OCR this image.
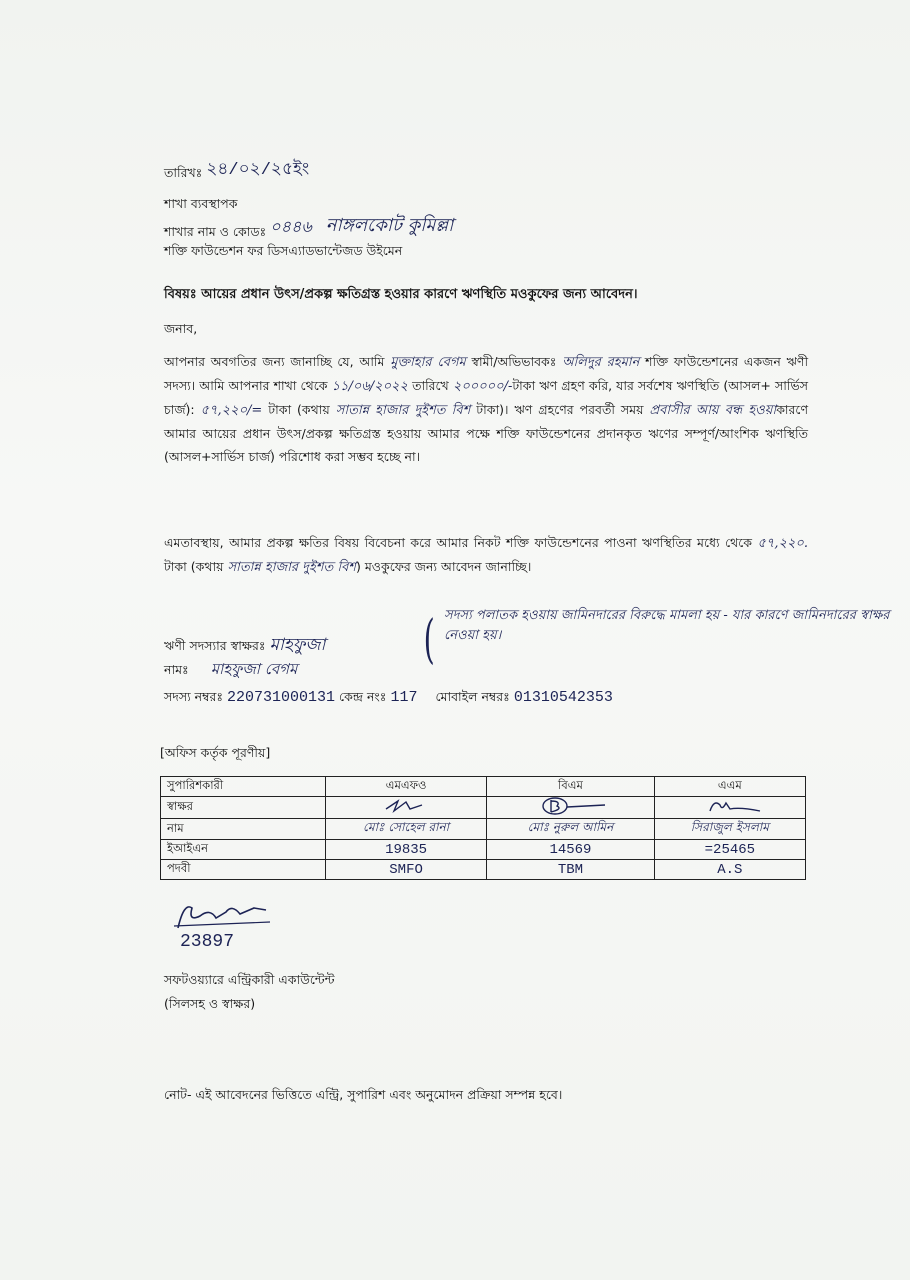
তারিখঃ ২৪/০২/২৫ইং
শাখা ব্যবস্থাপক
শাখার নাম ও কোডঃ ০৪৪৬ নাঙ্গলকোট কুমিল্লা
শক্তি ফাউন্ডেশন ফর ডিসএ্যাডভান্টেজড উইমেন
বিষয়ঃ আয়ের প্রধান উৎস/প্রকল্প ক্ষতিগ্রস্ত হওয়ার কারণে ঋণস্থিতি মওকুফের জন্য আবেদন।
জনাব,
আপনার অবগতির জন্য জানাচ্ছি যে, আমি মুক্তাহার বেগম স্বামী/অভিভাবকঃ অলিদুর রহমান শক্তি ফাউন্ডেশনের একজন ঋণী সদস্য। আমি আপনার শাখা থেকে ১১/০৬/২০২২ তারিখে ২০০০০০/-টাকা ঋণ গ্রহণ করি, যার সর্বশেষ ঋণস্থিতি (আসল+ সার্ভিস চার্জ): ৫৭,২২০/= টাকা (কথায় সাতান্ন হাজার দুইশত বিশ টাকা)। ঋণ গ্রহণের পরবর্তী সময় প্রবাসীর আয় বন্ধ হওয়াকারণে আমার আয়ের প্রধান উৎস/প্রকল্প ক্ষতিগ্রস্ত হওয়ায় আমার পক্ষে শক্তি ফাউন্ডেশনের প্রদানকৃত ঋণের সম্পূর্ণ/আংশিক ঋণস্থিতি (আসল+সার্ভিস চার্জ) পরিশোধ করা সম্ভব হচ্ছে না।
এমতাবস্থায়, আমার প্রকল্প ক্ষতির বিষয় বিবেচনা করে আমার নিকট শক্তি ফাউন্ডেশনের পাওনা ঋণস্থিতির মধ্যে থেকে ৫৭,২২০. টাকা (কথায় সাতান্ন হাজার দুইশত বিশ) মওকুফের জন্য আবেদন জানাচ্ছি।
ঋণী সদস্যার স্বাক্ষরঃ মাহফুজা
নামঃ মাহফুজা বেগম
সদস্য নম্বরঃ 220731000131 কেন্দ্র নংঃ 117 মোবাইল নম্বরঃ 01310542353
( সদস্য পলাতক হওয়ায় জামিনদারের বিরুদ্ধে মামলা হয় - যার কারণে জামিনদারের স্বাক্ষর নেওয়া হয়।
[অফিস কর্তৃক পূরণীয়]
সুপারিশকারী	এমএফও	বিএম	এএম
স্বাক্ষর			
নাম	মোঃ সোহেল রানা	মোঃ নুরুল আমিন	সিরাজুল ইসলাম
ইআইএন	19835	14569	=25465
পদবী	SMFO	TBM	A.S
23897
সফটওয়্যারে এন্ট্রিকারী একাউন্টেন্ট
(সিলসহ ও স্বাক্ষর)
নোট- এই আবেদনের ভিত্তিতে এন্ট্রি, সুপারিশ এবং অনুমোদন প্রক্রিয়া সম্পন্ন হবে।
